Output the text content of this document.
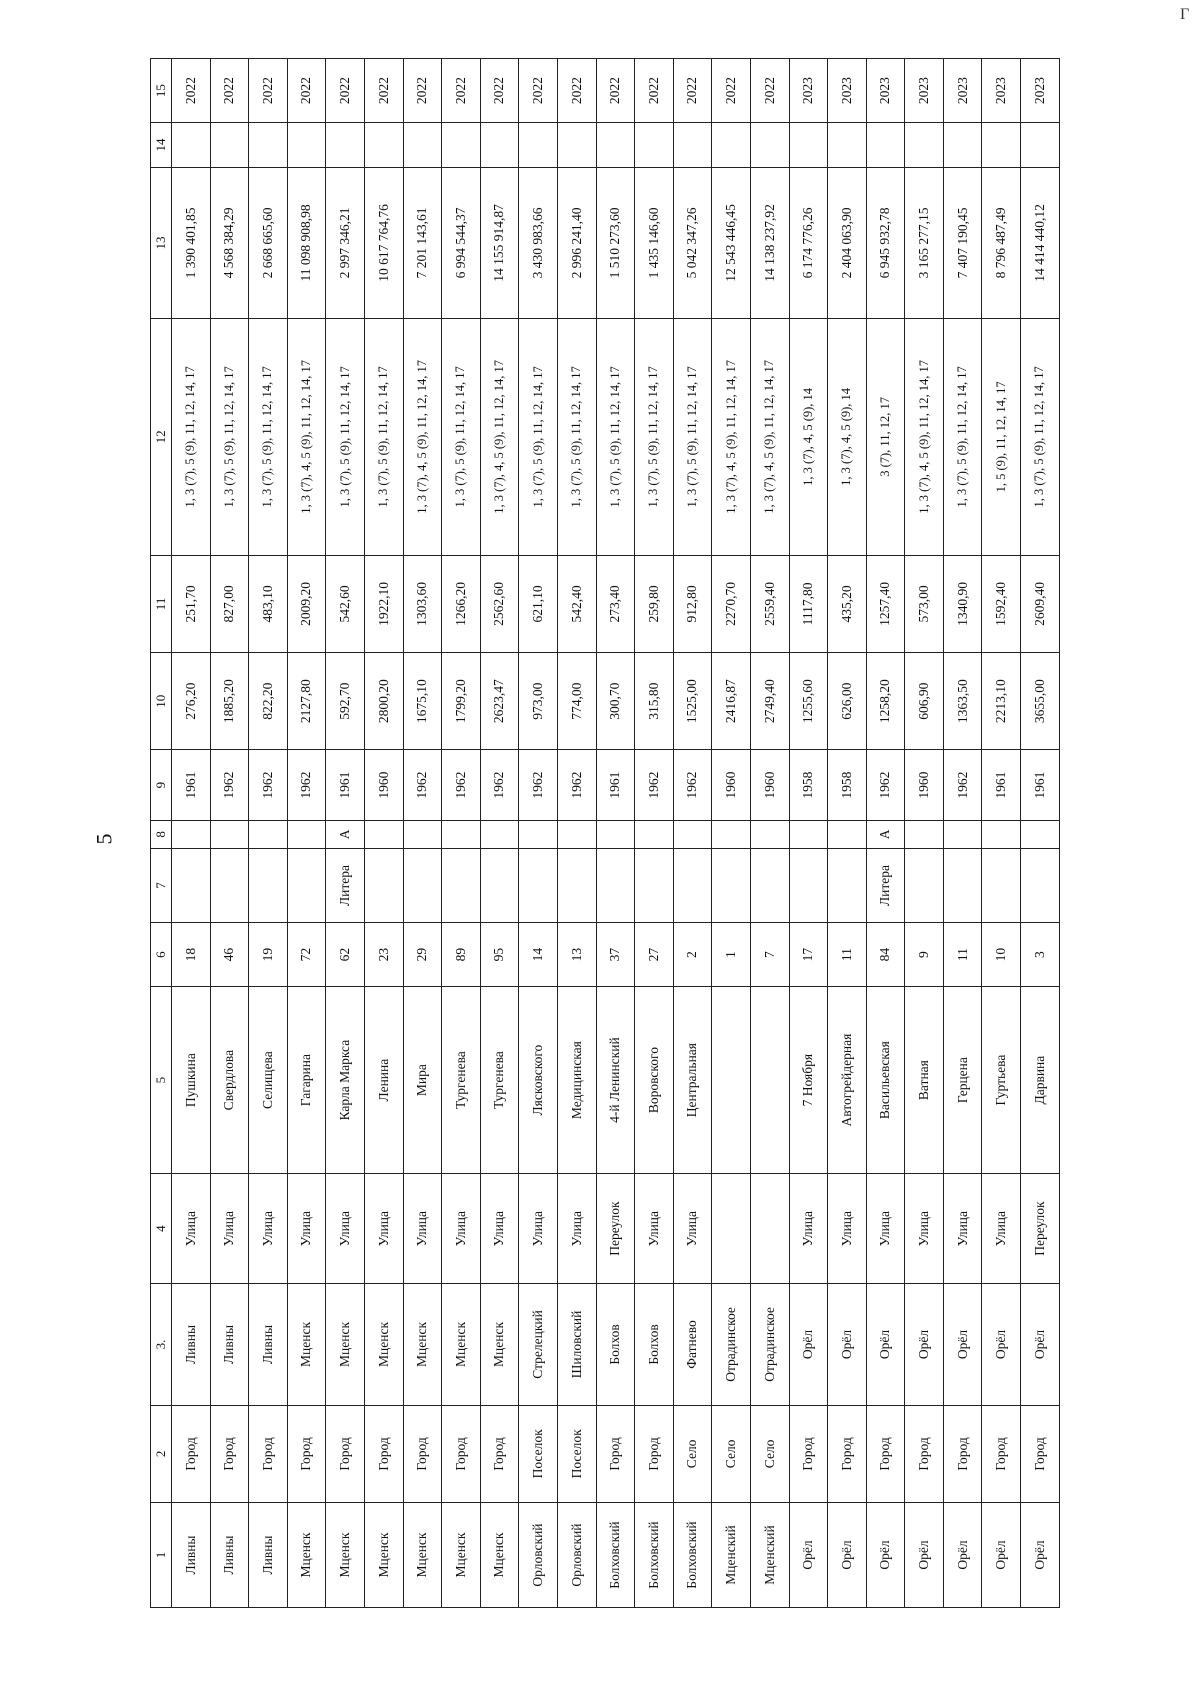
5
Г
1	2	3.	4	5	6	7	8	9	10	11	12	13	14	15
Ливны	Город	Ливны	Улица	Пушкина	18			1961	276,20	251,70	1, 3 (7), 5 (9), 11, 12, 14, 17	1 390 401,85		2022
Ливны	Город	Ливны	Улица	Свердлова	46			1962	1885,20	827,00	1, 3 (7), 5 (9), 11, 12, 14, 17	4 568 384,29		2022
Ливны	Город	Ливны	Улица	Селищева	19			1962	822,20	483,10	1, 3 (7), 5 (9), 11, 12, 14, 17	2 668 665,60		2022
Мценск	Город	Мценск	Улица	Гагарина	72			1962	2127,80	2009,20	1, 3 (7), 4, 5 (9), 11, 12, 14, 17	11 098 908,98		2022
Мценск	Город	Мценск	Улица	Карла Маркса	62	Литера	А	1961	592,70	542,60	1, 3 (7), 5 (9), 11, 12, 14, 17	2 997 346,21		2022
Мценск	Город	Мценск	Улица	Ленина	23			1960	2800,20	1922,10	1, 3 (7), 5 (9), 11, 12, 14, 17	10 617 764,76		2022
Мценск	Город	Мценск	Улица	Мира	29			1962	1675,10	1303,60	1, 3 (7), 4, 5 (9), 11, 12, 14, 17	7 201 143,61		2022
Мценск	Город	Мценск	Улица	Тургенева	89			1962	1799,20	1266,20	1, 3 (7), 5 (9), 11, 12, 14, 17	6 994 544,37		2022
Мценск	Город	Мценск	Улица	Тургенева	95			1962	2623,47	2562,60	1, 3 (7), 4, 5 (9), 11, 12, 14, 17	14 155 914,87		2022
Орловский	Поселок	Стрелецкий	Улица	Лясковского	14			1962	973,00	621,10	1, 3 (7), 5 (9), 11, 12, 14, 17	3 430 983,66		2022
Орловский	Поселок	Шиловский	Улица	Медицинская	13			1962	774,00	542,40	1, 3 (7), 5 (9), 11, 12, 14, 17	2 996 241,40		2022
Болховский	Город	Болхов	Переулок	4-й Ленинский	37			1961	300,70	273,40	1, 3 (7), 5 (9), 11, 12, 14, 17	1 510 273,60		2022
Болховский	Город	Болхов	Улица	Воровского	27			1962	315,80	259,80	1, 3 (7), 5 (9), 11, 12, 14, 17	1 435 146,60		2022
Болховский	Село	Фатнево	Улица	Центральная	2			1962	1525,00	912,80	1, 3 (7), 5 (9), 11, 12, 14, 17	5 042 347,26		2022
Мценский	Село	Отрадинское			1			1960	2416,87	2270,70	1, 3 (7), 4, 5 (9), 11, 12, 14, 17	12 543 446,45		2022
Мценский	Село	Отрадинское			7			1960	2749,40	2559,40	1, 3 (7), 4, 5 (9), 11, 12, 14, 17	14 138 237,92		2022
Орёл	Город	Орёл	Улица	7 Ноября	17			1958	1255,60	1117,80	1, 3 (7), 4, 5 (9), 14	6 174 776,26		2023
Орёл	Город	Орёл	Улица	Автогрейдерная	11			1958	626,00	435,20	1, 3 (7), 4, 5 (9), 14	2 404 063,90		2023
Орёл	Город	Орёл	Улица	Васильевская	84	Литера	А	1962	1258,20	1257,40	3 (7), 11, 12, 17	6 945 932,78		2023
Орёл	Город	Орёл	Улица	Ватная	9			1960	606,90	573,00	1, 3 (7), 4, 5 (9), 11, 12, 14, 17	3 165 277,15		2023
Орёл	Город	Орёл	Улица	Герцена	11			1962	1363,50	1340,90	1, 3 (7), 5 (9), 11, 12, 14, 17	7 407 190,45		2023
Орёл	Город	Орёл	Улица	Гуртьева	10			1961	2213,10	1592,40	1, 5 (9), 11, 12, 14, 17	8 796 487,49		2023
Орёл	Город	Орёл	Переулок	Дарвина	3			1961	3655,00	2609,40	1, 3 (7), 5 (9), 11, 12, 14, 17	14 414 440,12		2023
